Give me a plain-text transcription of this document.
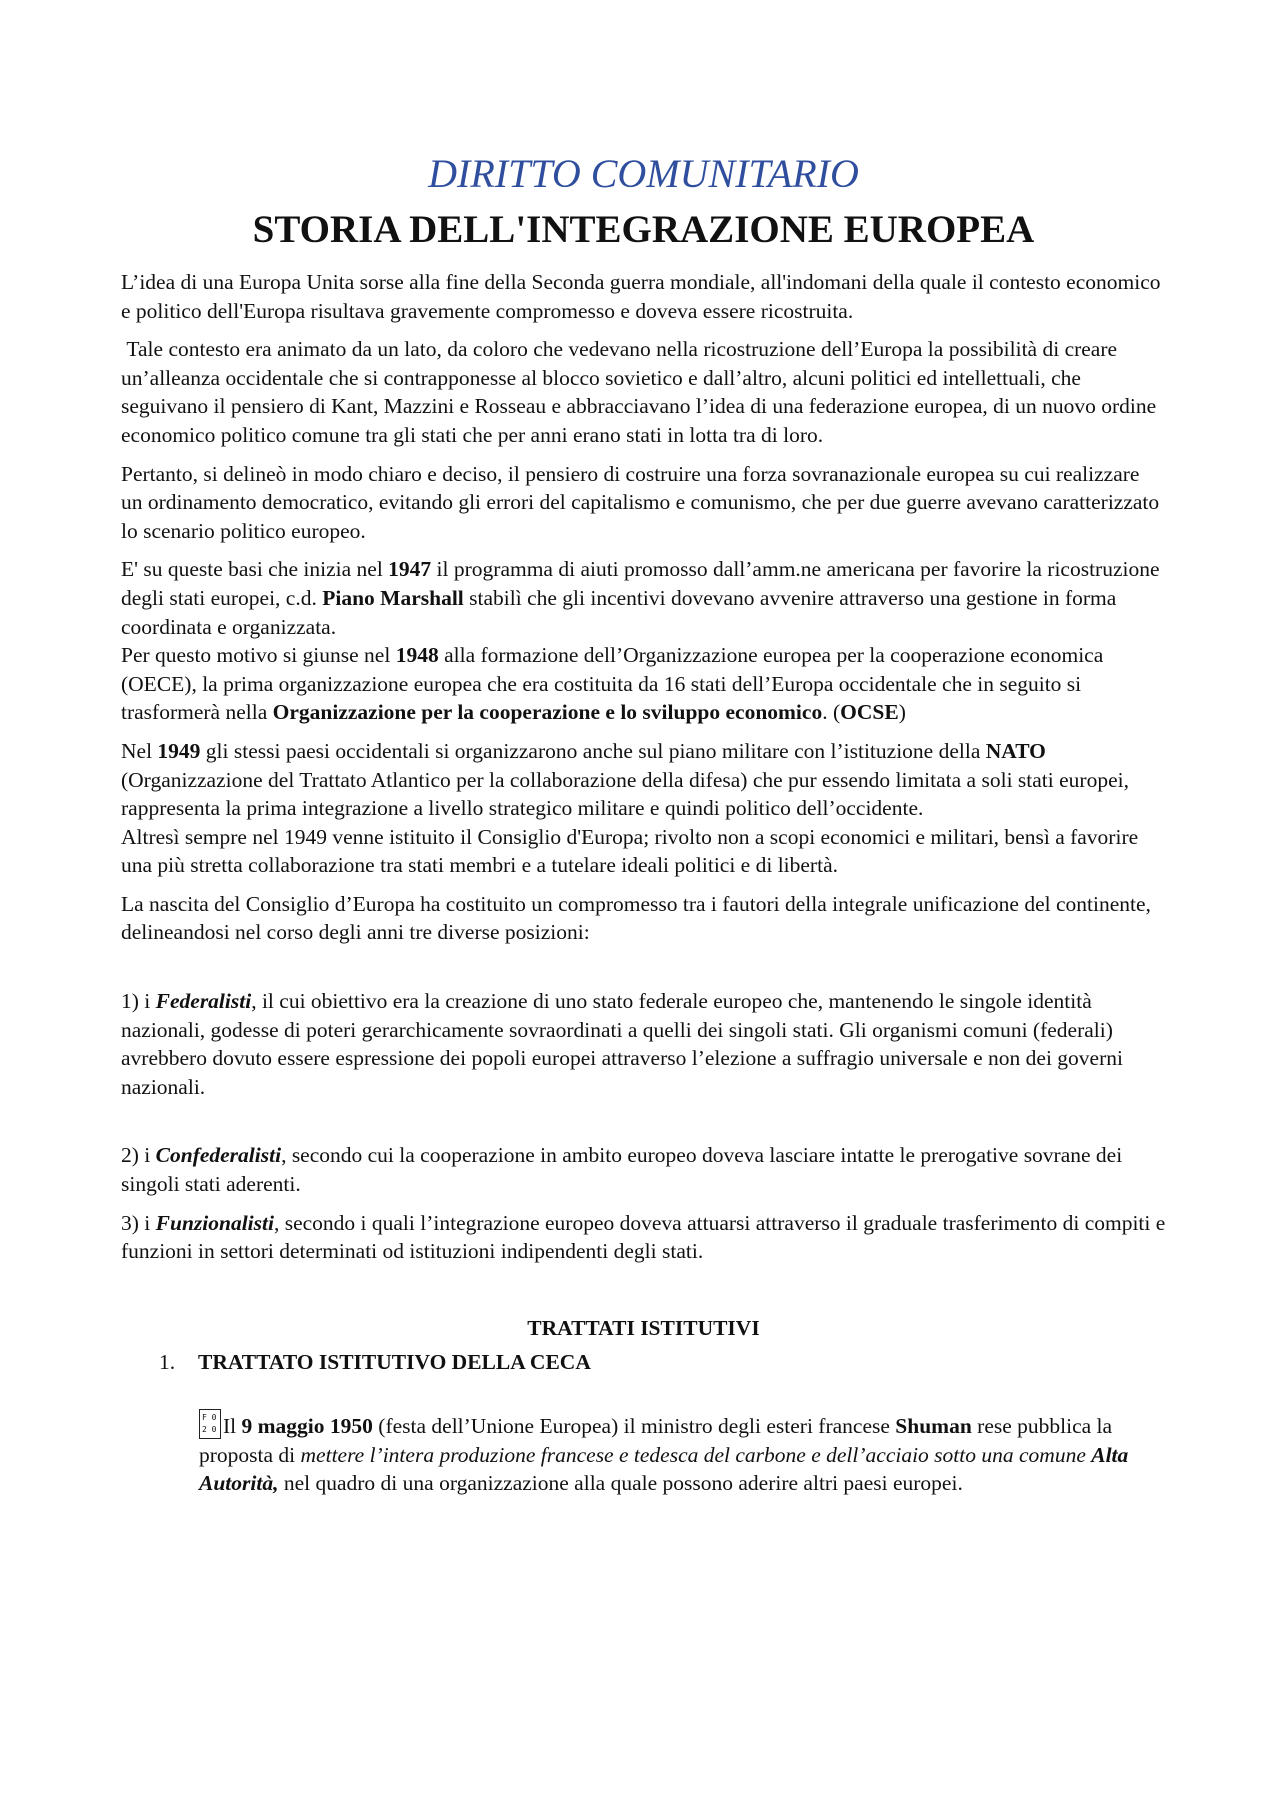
DIRITTO COMUNITARIO
STORIA DELL'INTEGRAZIONE EUROPEA

L’idea di una Europa Unita sorse alla fine della Seconda guerra mondiale, all'indomani della quale il contesto economico e politico dell'Europa risultava gravemente compromesso e doveva essere ricostruita.

Tale contesto era animato da un lato, da coloro che vedevano nella ricostruzione dell’Europa la possibilità di creare un’alleanza occidentale che si contrapponesse al blocco sovietico e dall’altro, alcuni politici ed intellettuali, che seguivano il pensiero di Kant, Mazzini e Rosseau e abbracciavano l’idea di una federazione europea, di un nuovo ordine economico politico comune tra gli stati che per anni erano stati in lotta tra di loro.

Pertanto, si delineò in modo chiaro e deciso, il pensiero di costruire una forza sovranazionale europea su cui realizzare un ordinamento democratico, evitando gli errori del capitalismo e comunismo, che per due guerre avevano caratterizzato lo scenario politico europeo.

E' su queste basi che inizia nel 1947 il programma di aiuti promosso dall’amm.ne americana per favorire la ricostruzione degli stati europei, c.d. Piano Marshall stabilì che gli incentivi dovevano avvenire attraverso una gestione in forma coordinata e organizzata.

Per questo motivo si giunse nel 1948 alla formazione dell’Organizzazione europea per la cooperazione economica (OECE), la prima organizzazione europea che era costituita da 16 stati dell’Europa occidentale che in seguito si trasformerà nella Organizzazione per la cooperazione e lo sviluppo economico. (OCSE)

Nel 1949 gli stessi paesi occidentali si organizzarono anche sul piano militare con l’istituzione della NATO (Organizzazione del Trattato Atlantico per la collaborazione della difesa) che pur essendo limitata a soli stati europei, rappresenta la prima integrazione a livello strategico militare e quindi politico dell’occidente.

Altresì sempre nel 1949 venne istituito il Consiglio d'Europa; rivolto non a scopi economici e militari, bensì a favorire una più stretta collaborazione tra stati membri e a tutelare ideali politici e di libertà.

La nascita del Consiglio d’Europa ha costituito un compromesso tra i fautori della integrale unificazione del continente, delineandosi nel corso degli anni tre diverse posizioni:

1) i Federalisti, il cui obiettivo era la creazione di uno stato federale europeo che, mantenendo le singole identità nazionali, godesse di poteri gerarchicamente sovraordinati a quelli dei singoli stati. Gli organismi comuni (federali) avrebbero dovuto essere espressione dei popoli europei attraverso l’elezione a suffragio universale e non dei governi nazionali.

2) i Confederalisti, secondo cui la cooperazione in ambito europeo doveva lasciare intatte le prerogative sovrane dei singoli stati aderenti.

3) i Funzionalisti, secondo i quali l’integrazione europeo doveva attuarsi attraverso il graduale trasferimento di compiti e funzioni in settori determinati od istituzioni indipendenti degli stati.

TRATTATI ISTITUTIVI
1.	TRATTATO ISTITUTIVO DELLA CECA

F 0
2 0 Il 9 maggio 1950 (festa dell’Unione Europea) il ministro degli esteri francese Shuman rese pubblica la proposta di mettere l’intera produzione francese e tedesca del carbone e dell’acciaio sotto una comune Alta Autorità, nel quadro di una organizzazione alla quale possono aderire altri paesi europei.
